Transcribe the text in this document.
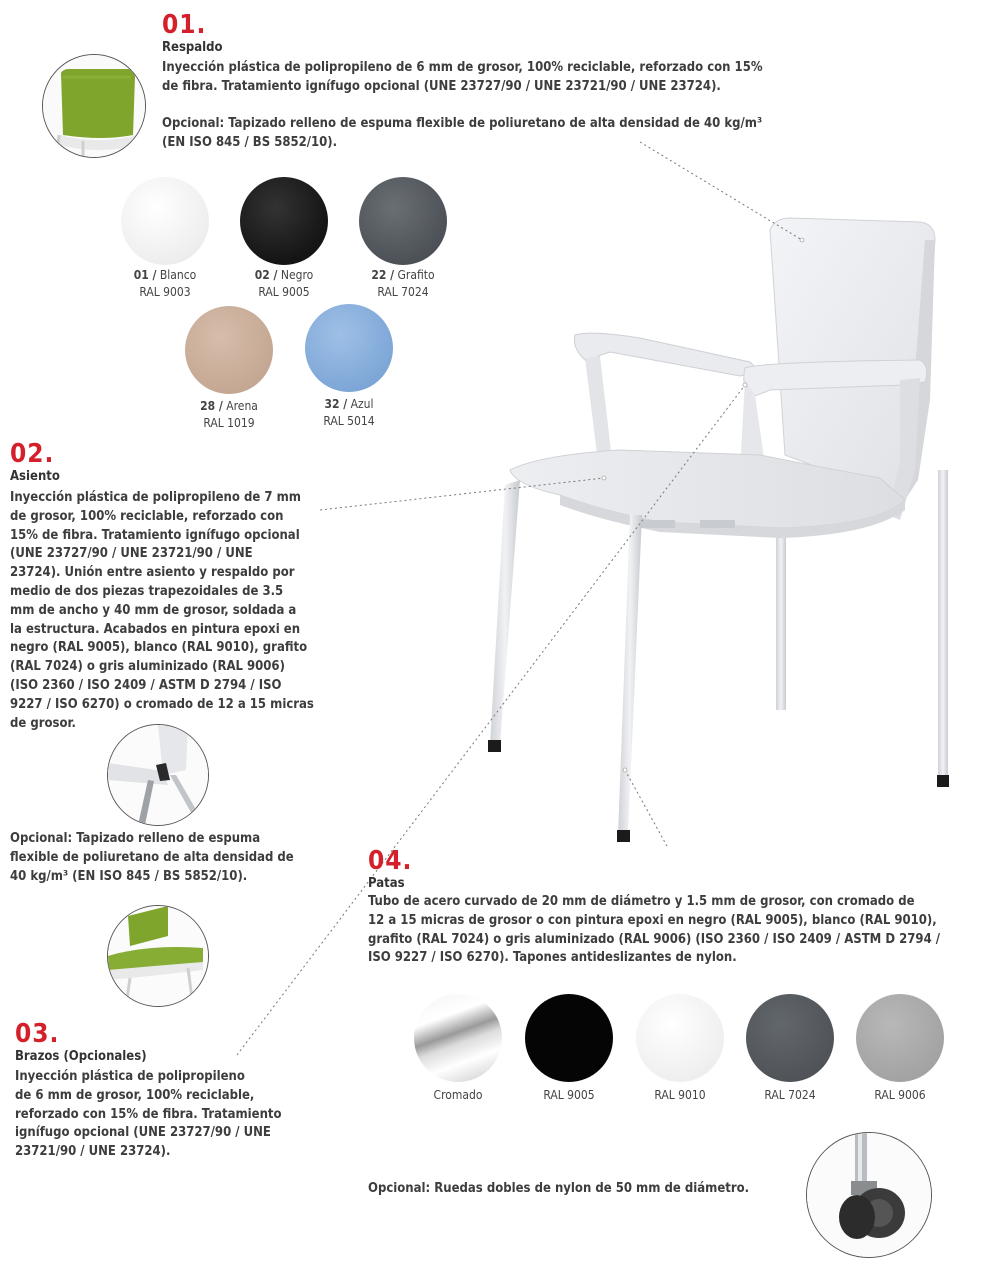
01.
Respaldo
Inyección plástica de polipropileno de 6 mm de grosor, 100% reciclable, reforzado con 15%
de fibra. Tratamiento ignífugo opcional (UNE 23727/90 / UNE 23721/90 / UNE 23724).
Opcional: Tapizado relleno de espuma flexible de poliuretano de alta densidad de 40 kg/m³
(EN ISO 845 / BS 5852/10).
01 / Blanco
RAL 9003
02 / Negro
RAL 9005
22 / Grafito
RAL 7024
28 / Arena
RAL 1019
32 / Azul
RAL 5014
02.
Asiento
Inyección plástica de polipropileno de 7 mm
de grosor, 100% reciclable, reforzado con
15% de fibra. Tratamiento ignífugo opcional
(UNE 23727/90 / UNE 23721/90 / UNE
23724). Unión entre asiento y respaldo por
medio de dos piezas trapezoidales de 3.5
mm de ancho y 40 mm de grosor, soldada a
la estructura. Acabados en pintura epoxi en
negro (RAL 9005), blanco (RAL 9010), grafito
(RAL 7024) o gris aluminizado (RAL 9006)
(ISO 2360 / ISO 2409 / ASTM D 2794 / ISO
9227 / ISO 6270) o cromado de 12 a 15 micras
de grosor.
Opcional: Tapizado relleno de espuma
flexible de poliuretano de alta densidad de
40 kg/m³ (EN ISO 845 / BS 5852/10).
03.
Brazos (Opcionales)
Inyección plástica de polipropileno
de 6 mm de grosor, 100% reciclable,
reforzado con 15% de fibra. Tratamiento
ignífugo opcional (UNE 23727/90 / UNE
23721/90 / UNE 23724).
04.
Patas
Tubo de acero curvado de 20 mm de diámetro y 1.5 mm de grosor, con cromado de
12 a 15 micras de grosor o con pintura epoxi en negro (RAL 9005), blanco (RAL 9010),
grafito (RAL 7024) o gris aluminizado (RAL 9006) (ISO 2360 / ISO 2409 / ASTM D 2794 /
ISO 9227 / ISO 6270). Tapones antideslizantes de nylon.
Cromado	RAL 9005	RAL 9010	RAL 7024	RAL 9006
Opcional: Ruedas dobles de nylon de 50 mm de diámetro.
